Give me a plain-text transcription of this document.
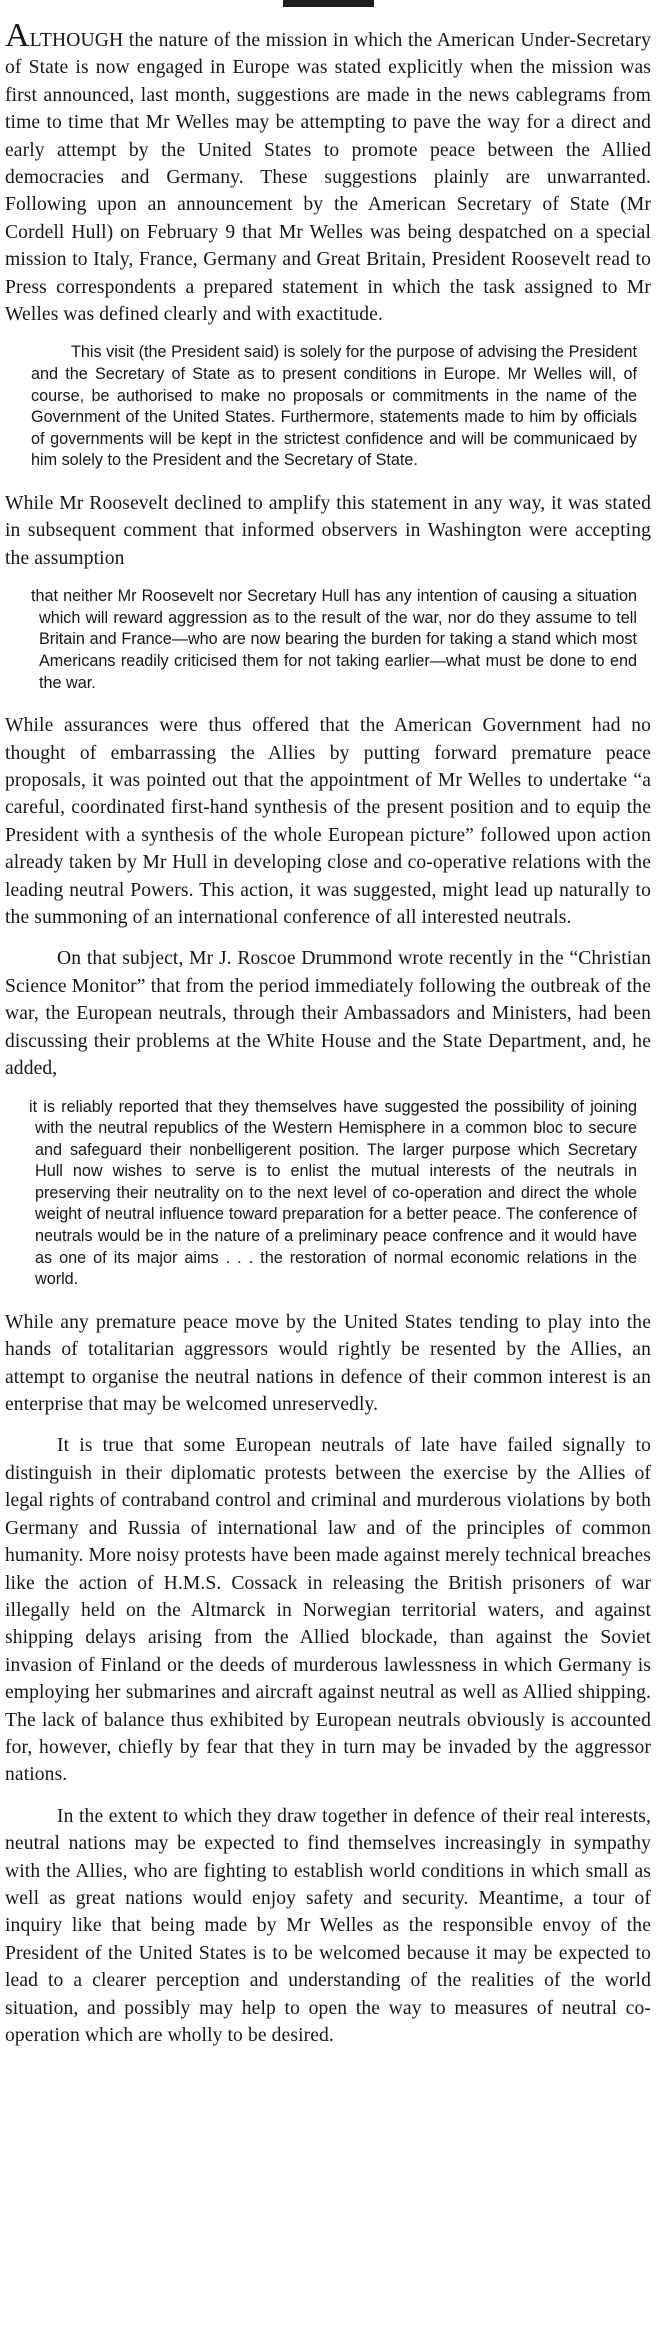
ALTHOUGH the nature of the mission in which the American Under-Secretary of State is now engaged in Europe was stated explicitly when the mission was first announced, last month, suggestions are made in the news cablegrams from time to time that Mr Welles may be attempting to pave the way for a direct and early attempt by the United States to promote peace between the Allied democracies and Germany. These suggestions plainly are unwarranted. Following upon an announcement by the American Secretary of State (Mr Cordell Hull) on February 9 that Mr Welles was being despatched on a special mission to Italy, France, Germany and Great Britain, President Roosevelt read to Press correspondents a prepared statement in which the task assigned to Mr Welles was defined clearly and with exactitude.

This visit (the President said) is solely for the purpose of advising the President and the Secretary of State as to present conditions in Europe. Mr Welles will, of course, be authorised to make no proposals or commitments in the name of the Government of the United States. Furthermore, statements made to him by officials of governments will be kept in the strictest confidence and will be communicaed by him solely to the President and the Secretary of State.

While Mr Roosevelt declined to amplify this statement in any way, it was stated in subsequent comment that informed observers in Washington were accepting the assumption

that neither Mr Roosevelt nor Secretary Hull has any intention of causing a situation which will reward aggression as to the result of the war, nor do they assume to tell Britain and France—who are now bearing the burden for taking a stand which most Americans readily criticised them for not taking earlier—what must be done to end the war.

While assurances were thus offered that the American Government had no thought of embarrassing the Allies by putting forward premature peace proposals, it was pointed out that the appointment of Mr Welles to undertake “a careful, coordinated first-hand synthesis of the present position and to equip the President with a synthesis of the whole European picture” followed upon action already taken by Mr Hull in developing close and co-operative relations with the leading neutral Powers. This action, it was suggested, might lead up naturally to the summoning of an international conference of all interested neutrals.

On that subject, Mr J. Roscoe Drummond wrote recently in the “Christian Science Monitor” that from the period immediately following the outbreak of the war, the European neutrals, through their Ambassadors and Ministers, had been discussing their problems at the White House and the State Department, and, he added,

it is reliably reported that they themselves have suggested the possibility of joining with the neutral republics of the Western Hemisphere in a common bloc to secure and safeguard their nonbelligerent position. The larger purpose which Secretary Hull now wishes to serve is to enlist the mutual interests of the neutrals in preserving their neutrality on to the next level of co-operation and direct the whole weight of neutral influence toward preparation for a better peace. The conference of neutrals would be in the nature of a preliminary peace confrence and it would have as one of its major aims . . . the restoration of normal economic relations in the world.

While any premature peace move by the United States tending to play into the hands of totalitarian aggressors would rightly be resented by the Allies, an attempt to organise the neutral nations in defence of their common interest is an enterprise that may be welcomed unreservedly.

It is true that some European neutrals of late have failed signally to distinguish in their diplomatic protests between the exercise by the Allies of legal rights of contraband control and criminal and murderous violations by both Germany and Russia of international law and of the principles of common humanity. More noisy protests have been made against merely technical breaches like the action of H.M.S. Cossack in releasing the British prisoners of war illegally held on the Altmarck in Norwegian territorial waters, and against shipping delays arising from the Allied blockade, than against the Soviet invasion of Finland or the deeds of murderous lawlessness in which Germany is employing her submarines and aircraft against neutral as well as Allied shipping. The lack of balance thus exhibited by European neutrals obviously is accounted for, however, chiefly by fear that they in turn may be invaded by the aggressor nations.

In the extent to which they draw together in defence of their real interests, neutral nations may be expected to find themselves increasingly in sympathy with the Allies, who are fighting to establish world conditions in which small as well as great nations would enjoy safety and security. Meantime, a tour of inquiry like that being made by Mr Welles as the responsible envoy of the President of the United States is to be welcomed because it may be expected to lead to a clearer perception and understanding of the realities of the world situation, and possibly may help to open the way to measures of neutral co-operation which are wholly to be desired.
